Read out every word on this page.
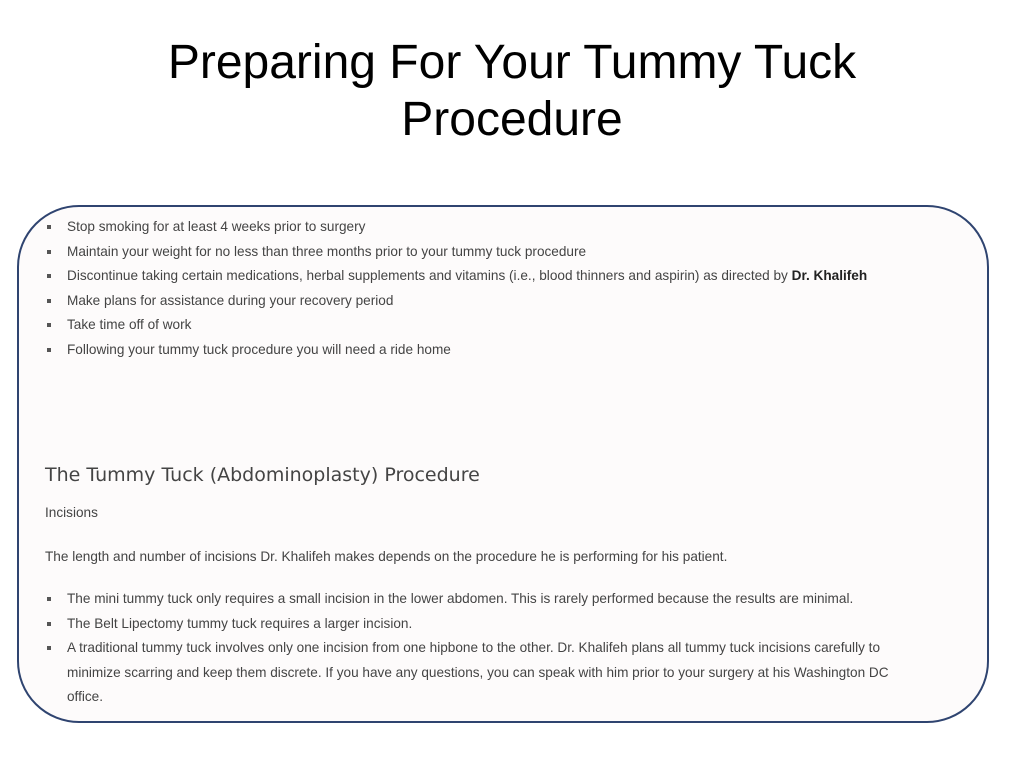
Preparing For Your Tummy Tuck Procedure
Stop smoking for at least 4 weeks prior to surgery
Maintain your weight for no less than three months prior to your tummy tuck procedure
Discontinue taking certain medications, herbal supplements and vitamins (i.e., blood thinners and aspirin) as directed by Dr. Khalifeh
Make plans for assistance during your recovery period
Take time off of work
Following your tummy tuck procedure you will need a ride home
The Tummy Tuck (Abdominoplasty) Procedure
Incisions
The length and number of incisions Dr. Khalifeh makes depends on the procedure he is performing for his patient.
The mini tummy tuck only requires a small incision in the lower abdomen. This is rarely performed because the results are minimal.
The Belt Lipectomy tummy tuck requires a larger incision.
A traditional tummy tuck involves only one incision from one hipbone to the other. Dr. Khalifeh plans all tummy tuck incisions carefully to minimize scarring and keep them discrete. If you have any questions, you can speak with him prior to your surgery at his Washington DC office.
